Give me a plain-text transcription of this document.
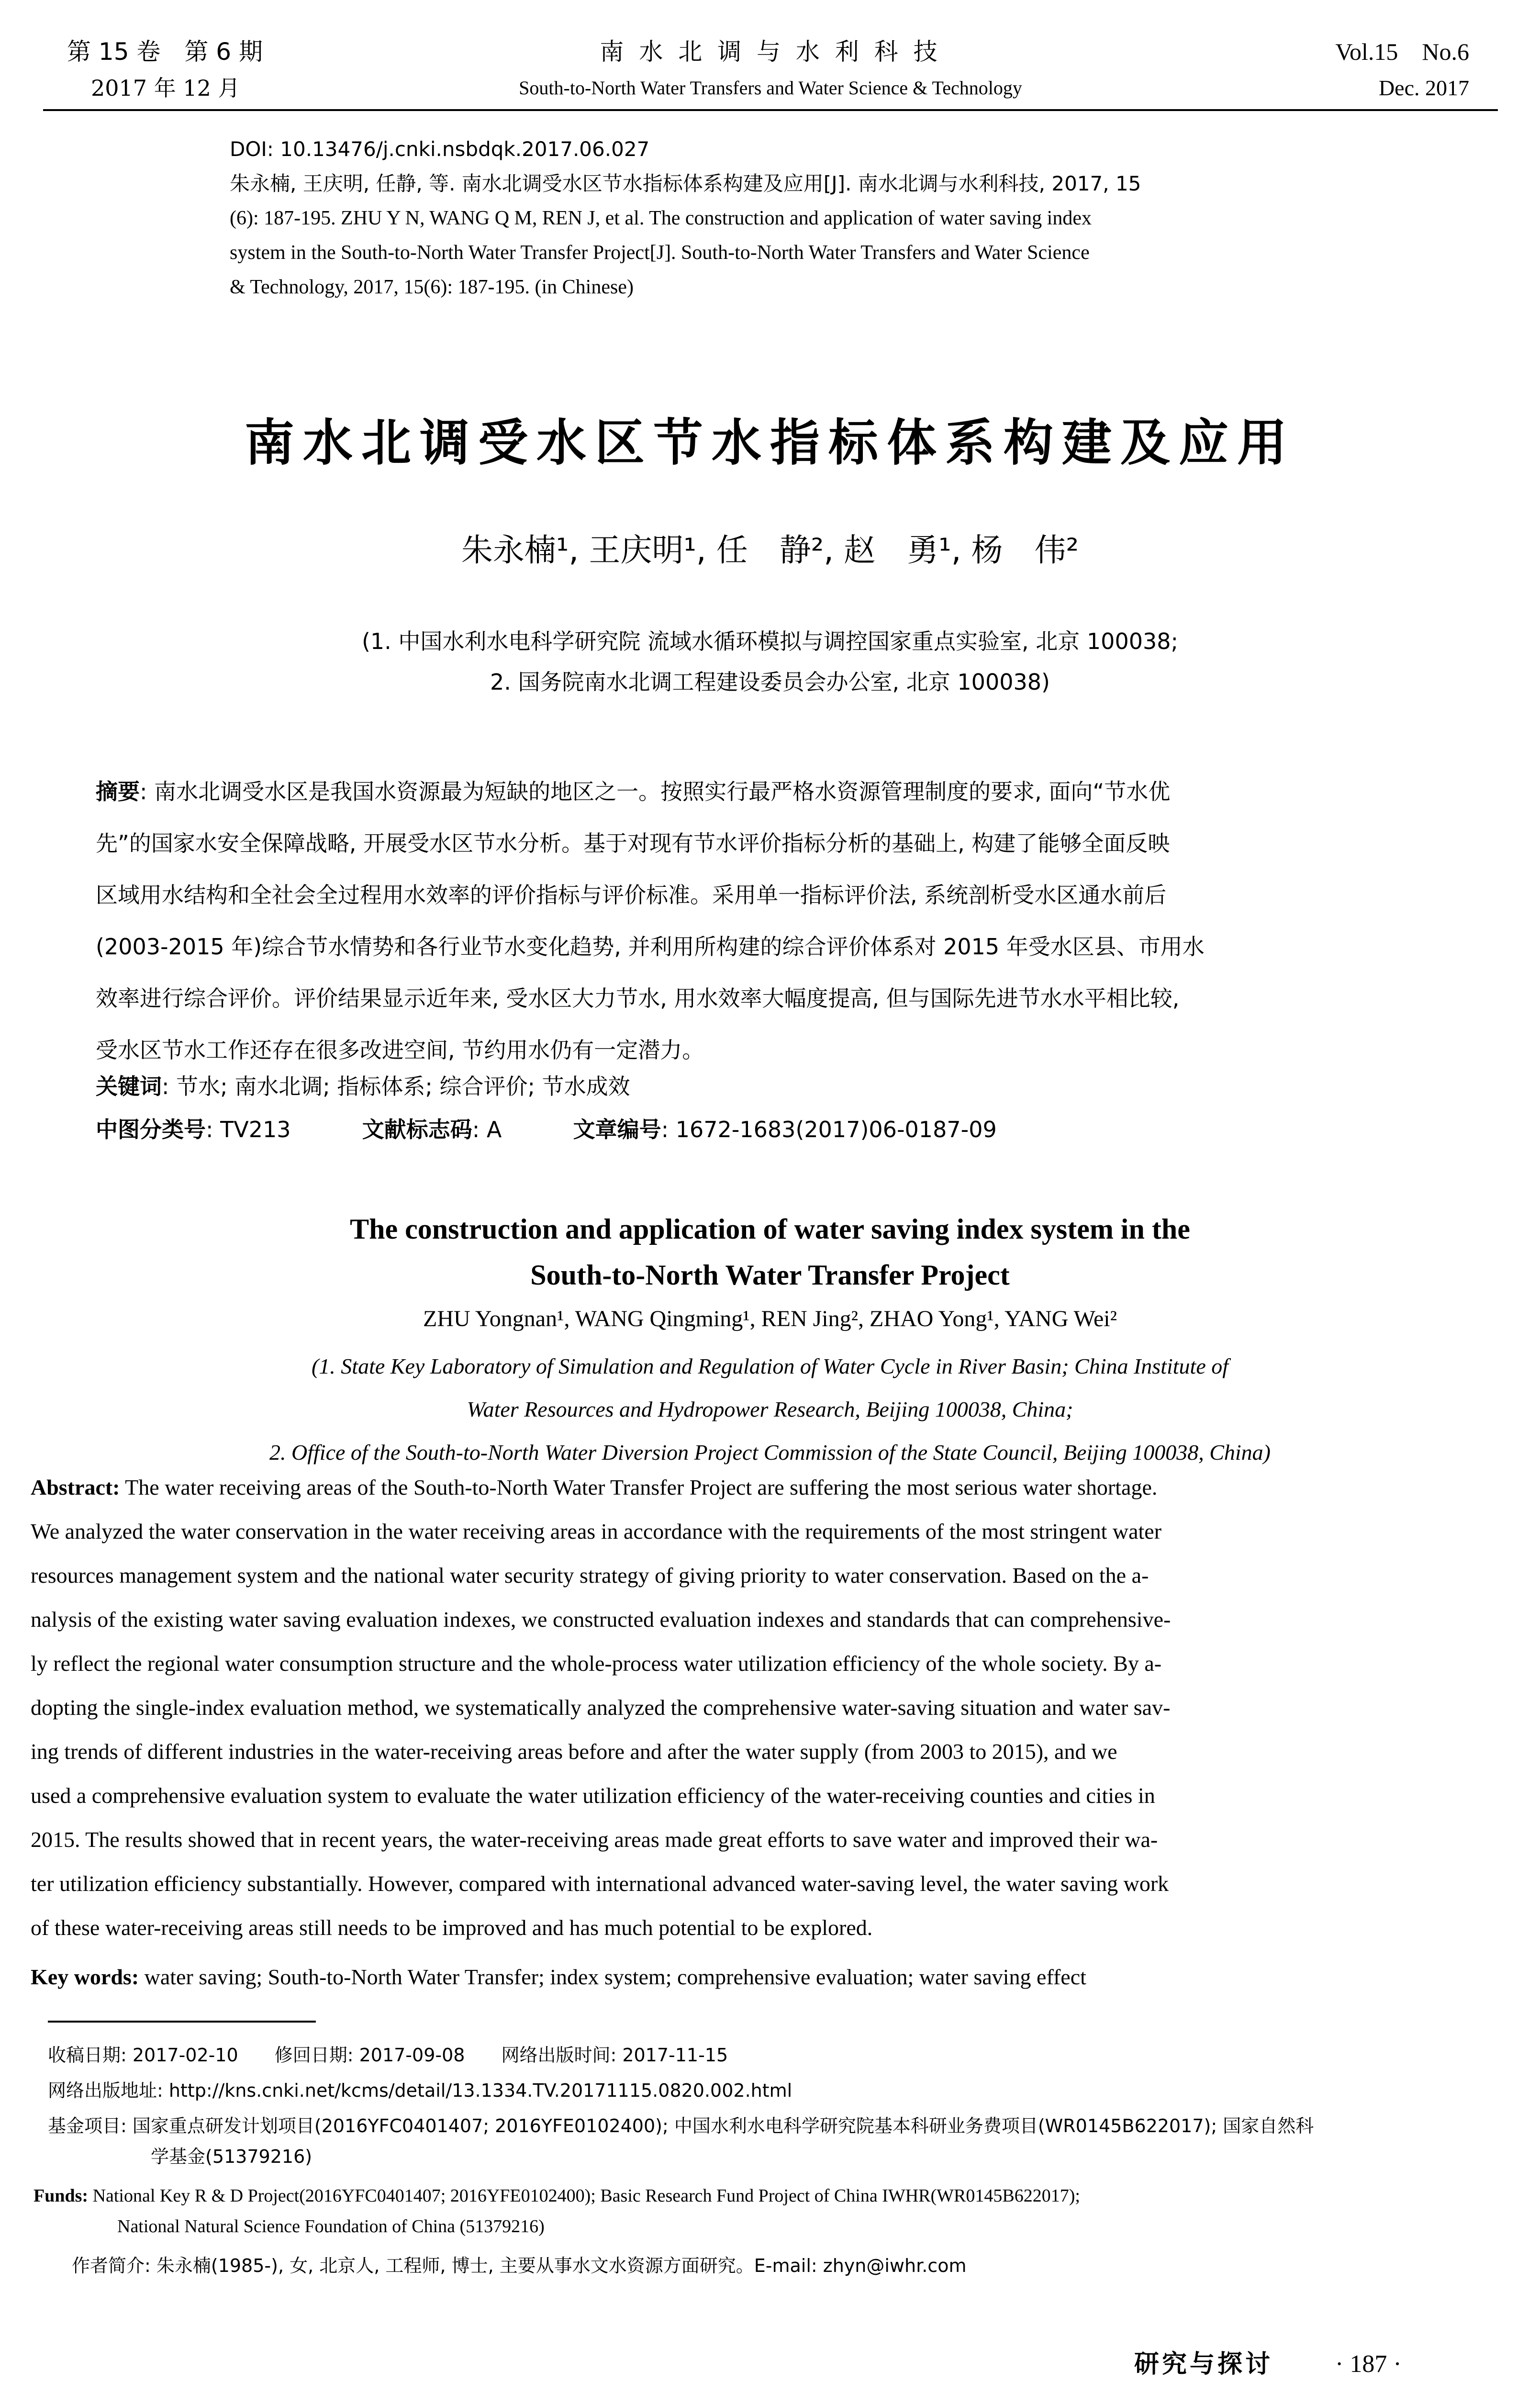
第 15 卷　第 6 期
2017 年 12 月
南 水 北 调 与 水 利 科 技
South-to-North Water Transfers and Water Science & Technology
Vol.15　No.6
Dec. 2017
DOI: 10.13476/j.cnki.nsbdqk.2017.06.027
朱永楠, 王庆明, 任静, 等. 南水北调受水区节水指标体系构建及应用[J]. 南水北调与水利科技, 2017, 15
(6): 187-195. ZHU Y N, WANG Q M, REN J, et al. The construction and application of water saving index
system in the South-to-North Water Transfer Project[J]. South-to-North Water Transfers and Water Science
& Technology, 2017, 15(6): 187-195. (in Chinese)
南水北调受水区节水指标体系构建及应用
朱永楠¹, 王庆明¹, 任　静², 赵　勇¹, 杨　伟²
(1. 中国水利水电科学研究院 流域水循环模拟与调控国家重点实验室, 北京 100038;
2. 国务院南水北调工程建设委员会办公室, 北京 100038)
摘要: 南水北调受水区是我国水资源最为短缺的地区之一。按照实行最严格水资源管理制度的要求, 面向“节水优
先”的国家水安全保障战略, 开展受水区节水分析。基于对现有节水评价指标分析的基础上, 构建了能够全面反映
区域用水结构和全社会全过程用水效率的评价指标与评价标准。采用单一指标评价法, 系统剖析受水区通水前后
(2003-2015 年)综合节水情势和各行业节水变化趋势, 并利用所构建的综合评价体系对 2015 年受水区县、市用水
效率进行综合评价。评价结果显示近年来, 受水区大力节水, 用水效率大幅度提高, 但与国际先进节水水平相比较,
受水区节水工作还存在很多改进空间, 节约用水仍有一定潜力。
关键词: 节水; 南水北调; 指标体系; 综合评价; 节水成效
中图分类号: TV213	文献标志码: A	文章编号: 1672-1683(2017)06-0187-09
The construction and application of water saving index system in the
South-to-North Water Transfer Project
ZHU Yongnan¹, WANG Qingming¹, REN Jing², ZHAO Yong¹, YANG Wei²
(1. State Key Laboratory of Simulation and Regulation of Water Cycle in River Basin; China Institute of
Water Resources and Hydropower Research, Beijing 100038, China;
2. Office of the South-to-North Water Diversion Project Commission of the State Council, Beijing 100038, China)
Abstract: The water receiving areas of the South-to-North Water Transfer Project are suffering the most serious water shortage.
We analyzed the water conservation in the water receiving areas in accordance with the requirements of the most stringent water
resources management system and the national water security strategy of giving priority to water conservation. Based on the a-
nalysis of the existing water saving evaluation indexes, we constructed evaluation indexes and standards that can comprehensive-
ly reflect the regional water consumption structure and the whole-process water utilization efficiency of the whole society. By a-
dopting the single-index evaluation method, we systematically analyzed the comprehensive water-saving situation and water sav-
ing trends of different industries in the water-receiving areas before and after the water supply (from 2003 to 2015), and we
used a comprehensive evaluation system to evaluate the water utilization efficiency of the water-receiving counties and cities in
2015. The results showed that in recent years, the water-receiving areas made great efforts to save water and improved their wa-
ter utilization efficiency substantially. However, compared with international advanced water-saving level, the water saving work
of these water-receiving areas still needs to be improved and has much potential to be explored.
Key words: water saving; South-to-North Water Transfer; index system; comprehensive evaluation; water saving effect
收稿日期: 2017-02-10　　修回日期: 2017-09-08　　网络出版时间: 2017-11-15
网络出版地址: http://kns.cnki.net/kcms/detail/13.1334.TV.20171115.0820.002.html
基金项目: 国家重点研发计划项目(2016YFC0401407; 2016YFE0102400); 中国水利水电科学研究院基本科研业务费项目(WR0145B622017); 国家自然科
学基金(51379216)
Funds: National Key R & D Project(2016YFC0401407; 2016YFE0102400); Basic Research Fund Project of China IWHR(WR0145B622017);
National Natural Science Foundation of China (51379216)
作者简介: 朱永楠(1985-), 女, 北京人, 工程师, 博士, 主要从事水文水资源方面研究。E-mail: zhyn@iwhr.com
研究与探讨 · 187 ·
